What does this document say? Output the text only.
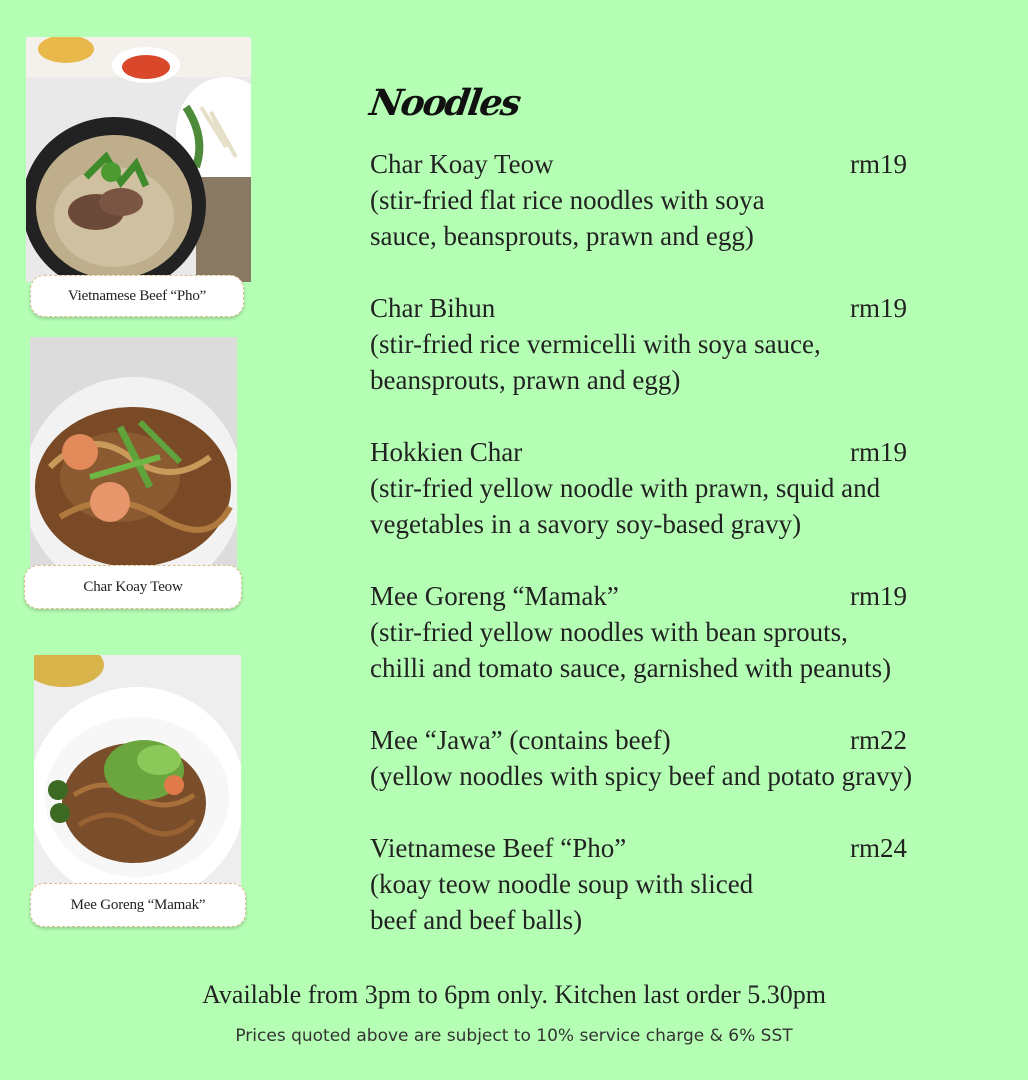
Vietnamese Beef “Pho”
Char Koay Teow
Mee Goreng “Mamak”
Noodles
Char Koay Teow	rm19
(stir-fried flat rice noodles with soya
sauce, beansprouts, prawn and egg)
Char Bihun	rm19
(stir-fried rice vermicelli with soya sauce,
beansprouts, prawn and egg)
Hokkien Char	rm19
(stir-fried yellow noodle with prawn, squid and
vegetables in a savory soy-based gravy)
Mee Goreng “Mamak”	rm19
(stir-fried yellow noodles with bean sprouts,
chilli and tomato sauce, garnished with peanuts)
Mee “Jawa” (contains beef)	rm22
(yellow noodles with spicy beef and potato gravy)
Vietnamese Beef “Pho”	rm24
(koay teow noodle soup with sliced
beef and beef balls)
Available from 3pm to 6pm only. Kitchen last order 5.30pm
Prices quoted above are subject to 10% service charge & 6% SST
